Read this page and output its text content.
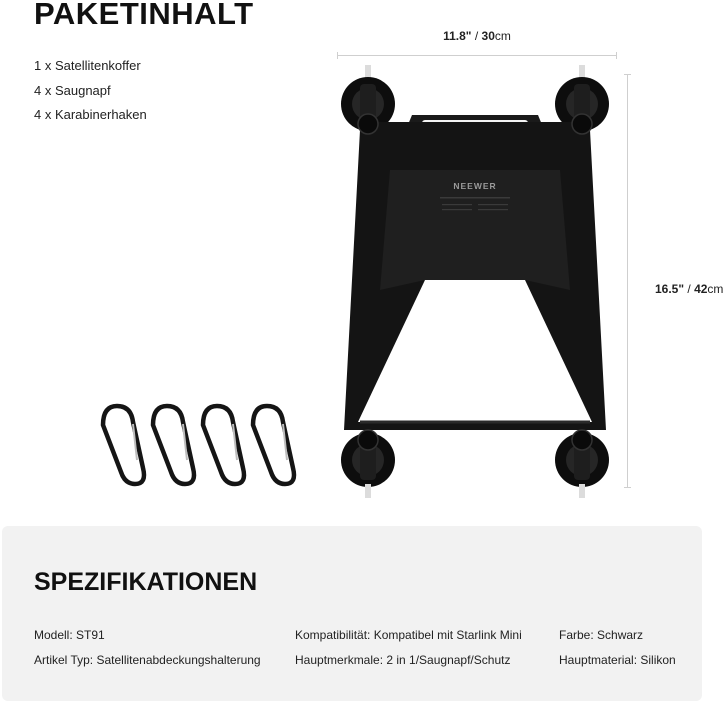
PAKETINHALT
1 x Satellitenkoffer
4 x Saugnapf
4 x Karabinerhaken
11.8" / 30cm
16.5" / 42cm
NEEWER
SPEZIFIKATIONEN
Modell: ST91	Kompatibilität: Kompatibel mit Starlink Mini	Farbe: Schwarz
Artikel Typ: Satellitenabdeckungshalterung	Hauptmerkmale: 2 in 1/Saugnapf/Schutz	Hauptmaterial: Silikon
